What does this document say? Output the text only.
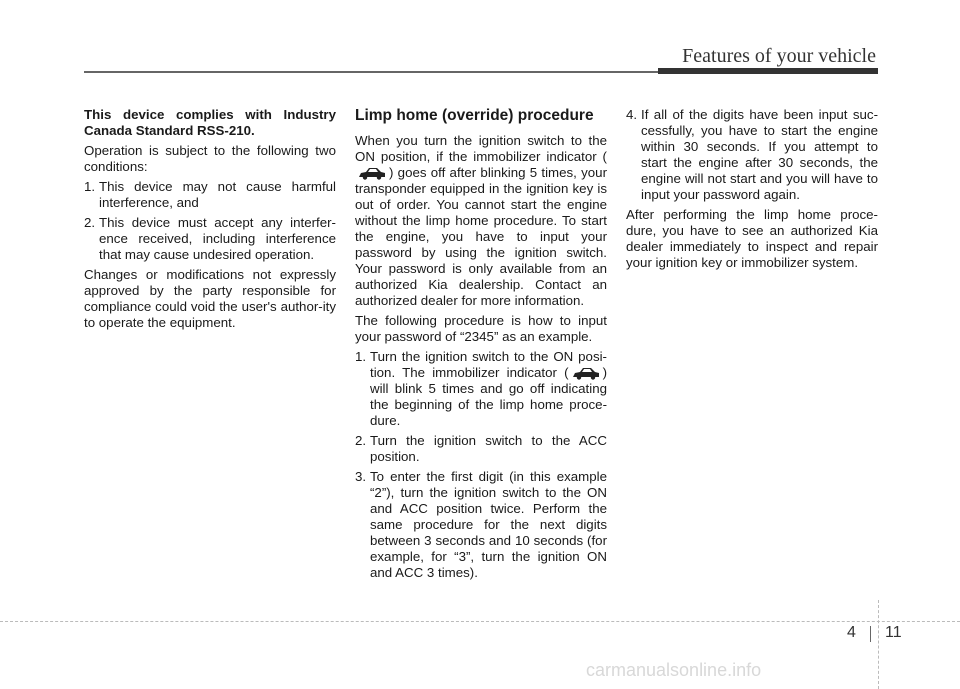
Features of your vehicle

This device complies with Industry Canada Standard RSS-210.

Operation is subject to the following two conditions:

1. This device may not cause harmful interference, and
2. This device must accept any interfer-ence received, including interference that may cause undesired operation.

Changes or modifications not expressly approved by the party responsible for compliance could void the user's author-ity to operate the equipment.

Limp home (override) procedure

When you turn the ignition switch to the ON position, if the immobilizer indicator () goes off after blinking 5 times, your transponder equipped in the ignition key is out of order. You cannot start the engine without the limp home procedure. To start the engine, you have to input your password by using the ignition switch. Your password is only available from an authorized Kia dealership. Contact an authorized dealer for more information.

The following procedure is how to input your password of “2345” as an example.

1. Turn the ignition switch to the ON posi-tion. The immobilizer indicator (	) will blink 5 times and go off indicating the beginning of the limp home proce-dure.
2. Turn the ignition switch to the ACC position.
3. To enter the first digit (in this example “2”), turn the ignition switch to the ON and ACC position twice. Perform the same procedure for the next digits between 3 seconds and 10 seconds (for example, for “3”, turn the ignition ON and ACC 3 times).
4. If all of the digits have been input suc-cessfully, you have to start the engine within 30 seconds. If you attempt to start the engine after 30 seconds, the engine will not start and you will have to input your password again.

After performing the limp home proce-dure, you have to see an authorized Kia dealer immediately to inspect and repair your ignition key or immobilizer system.

4 11
carmanualsonline.info
